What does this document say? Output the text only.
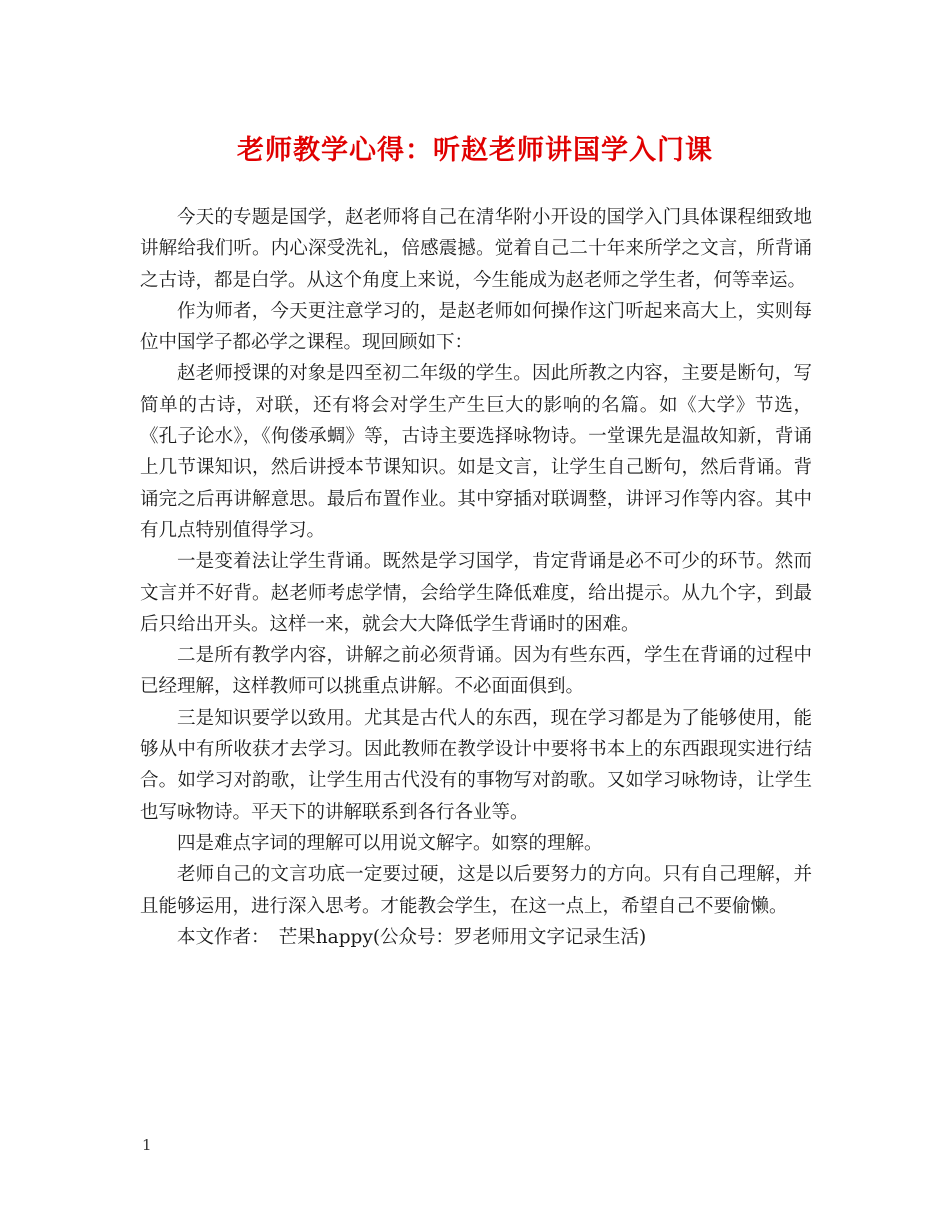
老师教学心得：听赵老师讲国学入门课

今天的专题是国学，赵老师将自己在清华附小开设的国学入门具体课程细致地讲解给我们听。内心深受洗礼，倍感震撼。觉着自己二十年来所学之文言，所背诵之古诗，都是白学。从这个角度上来说，今生能成为赵老师之学生者，何等幸运。

作为师者，今天更注意学习的，是赵老师如何操作这门听起来高大上，实则每位中国学子都必学之课程。现回顾如下：

赵老师授课的对象是四至初二年级的学生。因此所教之内容，主要是断句，写简单的古诗，对联，还有将会对学生产生巨大的影响的名篇。如《大学》节选，《孔子论水》，《佝偻承蜩》等，古诗主要选择咏物诗。一堂课先是温故知新，背诵上几节课知识，然后讲授本节课知识。如是文言，让学生自己断句，然后背诵。背诵完之后再讲解意思。最后布置作业。其中穿插对联调整，讲评习作等内容。其中有几点特别值得学习。

一是变着法让学生背诵。既然是学习国学，肯定背诵是必不可少的环节。然而文言并不好背。赵老师考虑学情，会给学生降低难度，给出提示。从九个字，到最后只给出开头。这样一来，就会大大降低学生背诵时的困难。

二是所有教学内容，讲解之前必须背诵。因为有些东西，学生在背诵的过程中已经理解，这样教师可以挑重点讲解。不必面面俱到。

三是知识要学以致用。尤其是古代人的东西，现在学习都是为了能够使用，能够从中有所收获才去学习。因此教师在教学设计中要将书本上的东西跟现实进行结合。如学习对韵歌，让学生用古代没有的事物写对韵歌。又如学习咏物诗，让学生也写咏物诗。平天下的讲解联系到各行各业等。

四是难点字词的理解可以用说文解字。如察的理解。

老师自己的文言功底一定要过硬，这是以后要努力的方向。只有自己理解，并且能够运用，进行深入思考。才能教会学生，在这一点上，希望自己不要偷懒。

本文作者：　芒果happy(公众号：罗老师用文字记录生活)

1
